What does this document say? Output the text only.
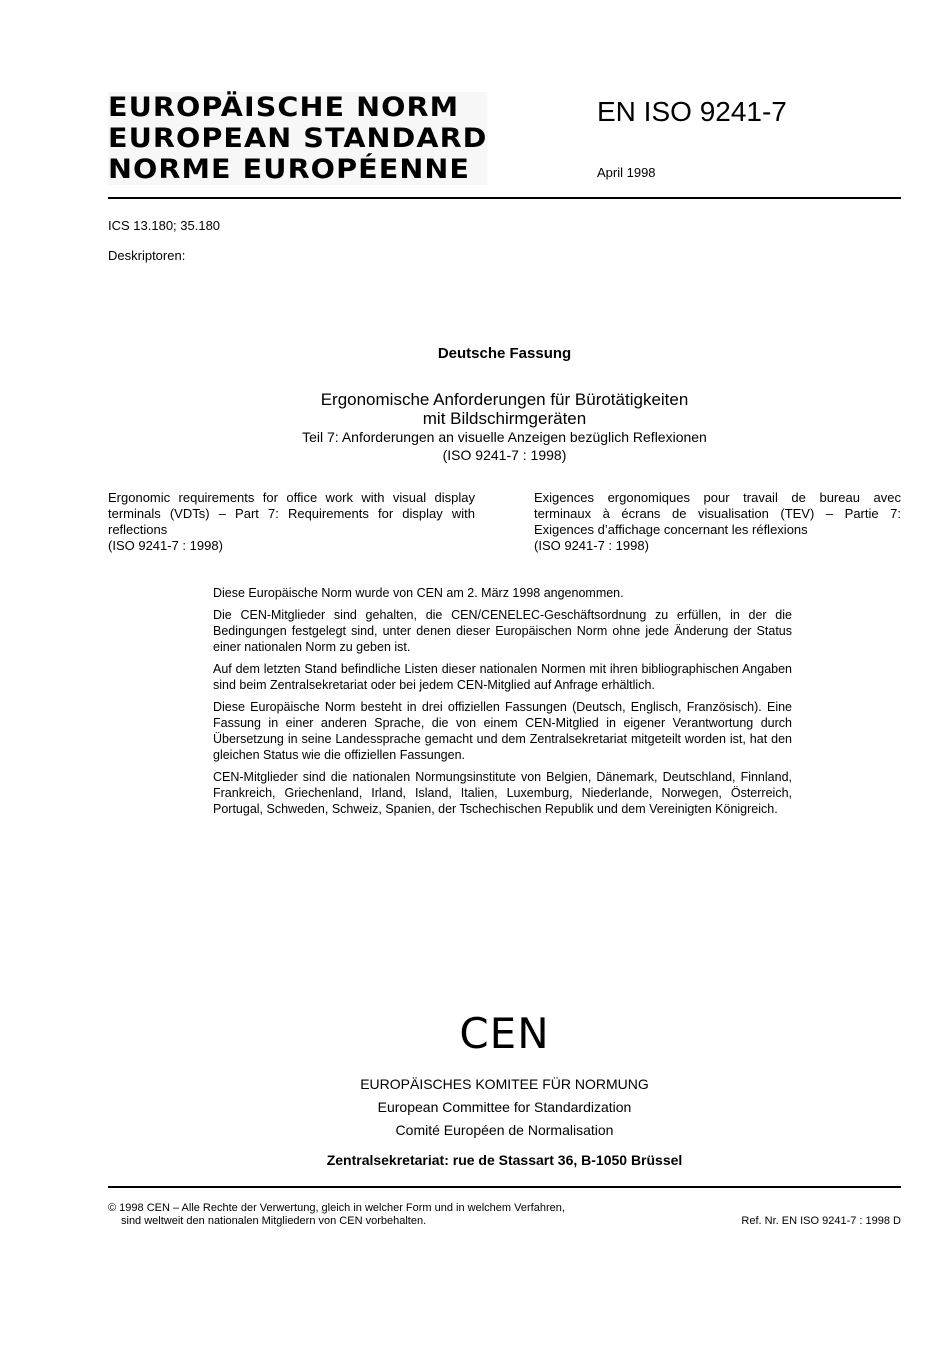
EUROPÄISCHE NORM
EUROPEAN STANDARD
NORME EUROPÉENNE
EN ISO 9241-7
April 1998
ICS 13.180; 35.180
Deskriptoren:
Deutsche Fassung
Ergonomische Anforderungen für Bürotätigkeiten
mit Bildschirmgeräten
Teil 7: Anforderungen an visuelle Anzeigen bezüglich Reflexionen
(ISO 9241-7 : 1998)
Ergonomic requirements for office work with visual display terminals (VDTs) – Part 7: Requirements for display with reflections
(ISO 9241-7 : 1998)
Exigences ergonomiques pour travail de bureau avec terminaux à écrans de visualisation (TEV) – Partie 7: Exigences d’affichage concernant les réflexions
(ISO 9241-7 : 1998)

Diese Europäische Norm wurde von CEN am 2. März 1998 angenommen.

Die CEN-Mitglieder sind gehalten, die CEN/CENELEC-Geschäftsordnung zu erfüllen, in der die Bedingungen festgelegt sind, unter denen dieser Europäischen Norm ohne jede Änderung der Status einer nationalen Norm zu geben ist.

Auf dem letzten Stand befindliche Listen dieser nationalen Normen mit ihren bibliographischen Angaben sind beim Zentralsekretariat oder bei jedem CEN-Mitglied auf Anfrage erhältlich.

Diese Europäische Norm besteht in drei offiziellen Fassungen (Deutsch, Englisch, Französisch). Eine Fassung in einer anderen Sprache, die von einem CEN-Mitglied in eigener Verantwortung durch Übersetzung in seine Landessprache gemacht und dem Zentralsekretariat mitgeteilt worden ist, hat den gleichen Status wie die offiziellen Fassungen.

CEN-Mitglieder sind die nationalen Normungsinstitute von Belgien, Dänemark, Deutschland, Finnland, Frankreich, Griechenland, Irland, Island, Italien, Luxemburg, Niederlande, Norwegen, Österreich, Portugal, Schweden, Schweiz, Spanien, der Tschechischen Republik und dem Vereinigten Königreich.

CEN
EUROPÄISCHES KOMITEE FÜR NORMUNG
European Committee for Standardization
Comité Européen de Normalisation
Zentralsekretariat: rue de Stassart 36, B-1050 Brüssel
© 1998 CEN – Alle Rechte der Verwertung, gleich in welcher Form und in welchem Verfahren,
sind weltweit den nationalen Mitgliedern von CEN vorbehalten.	Ref. Nr. EN ISO 9241-7 : 1998 D
